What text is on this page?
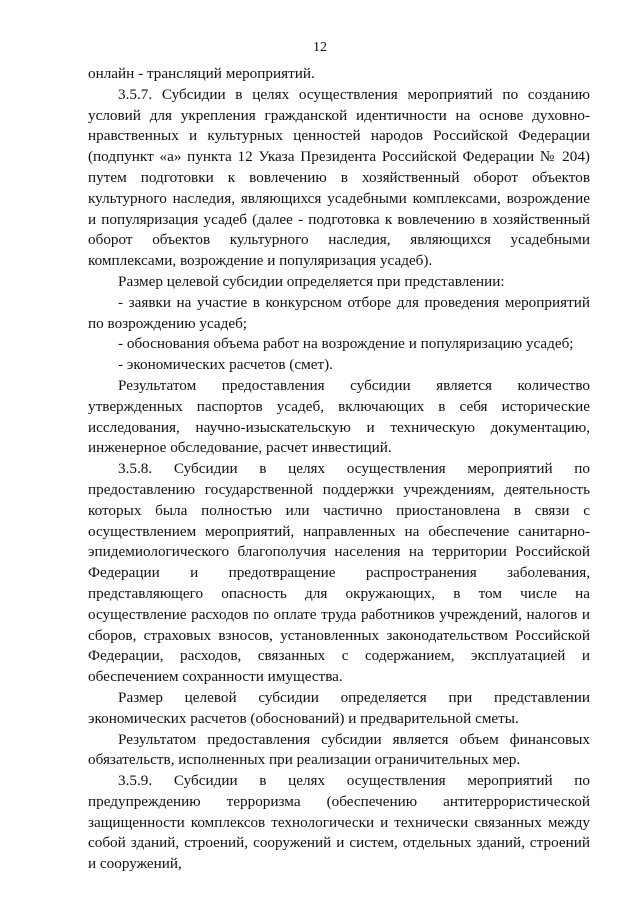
12

онлайн - трансляций мероприятий.

3.5.7. Субсидии в целях осуществления мероприятий по созданию условий для укрепления гражданской идентичности на основе духовно-нравственных и культурных ценностей народов Российской Федерации (подпункт «а» пункта 12 Указа Президента Российской Федерации № 204) путем подготовки к вовлечению в хозяйственный оборот объектов культурного наследия, являющихся усадебными комплексами, возрождение и популяризация усадеб (далее - подготовка к вовлечению в хозяйственный оборот объектов культурного наследия, являющихся усадебными комплексами, возрождение и популяризация усадеб).

Размер целевой субсидии определяется при представлении:

- заявки на участие в конкурсном отборе для проведения мероприятий по возрождению усадеб;

- обоснования объема работ на возрождение и популяризацию усадеб;

- экономических расчетов (смет).

Результатом предоставления субсидии является количество утвержденных паспортов усадеб, включающих в себя исторические исследования, научно-изыскательскую и техническую документацию, инженерное обследование, расчет инвестиций.

3.5.8. Субсидии в целях осуществления мероприятий по предоставлению государственной поддержки учреждениям, деятельность которых была полностью или частично приостановлена в связи с осуществлением мероприятий, направленных на обеспечение санитарно-эпидемиологического благополучия населения на территории Российской Федерации и предотвращение распространения заболевания, представляющего опасность для окружающих, в том числе на осуществление расходов по оплате труда работников учреждений, налогов и сборов, страховых взносов, установленных законодательством Российской Федерации, расходов, связанных с содержанием, эксплуатацией и обеспечением сохранности имущества.

Размер целевой субсидии определяется при представлении экономических расчетов (обоснований) и предварительной сметы.

Результатом предоставления субсидии является объем финансовых обязательств, исполненных при реализации ограничительных мер.

3.5.9. Субсидии в целях осуществления мероприятий по предупреждению терроризма (обеспечению антитеррористической защищенности комплексов технологически и технически связанных между собой зданий, строений, сооружений и систем, отдельных зданий, строений и сооружений,
